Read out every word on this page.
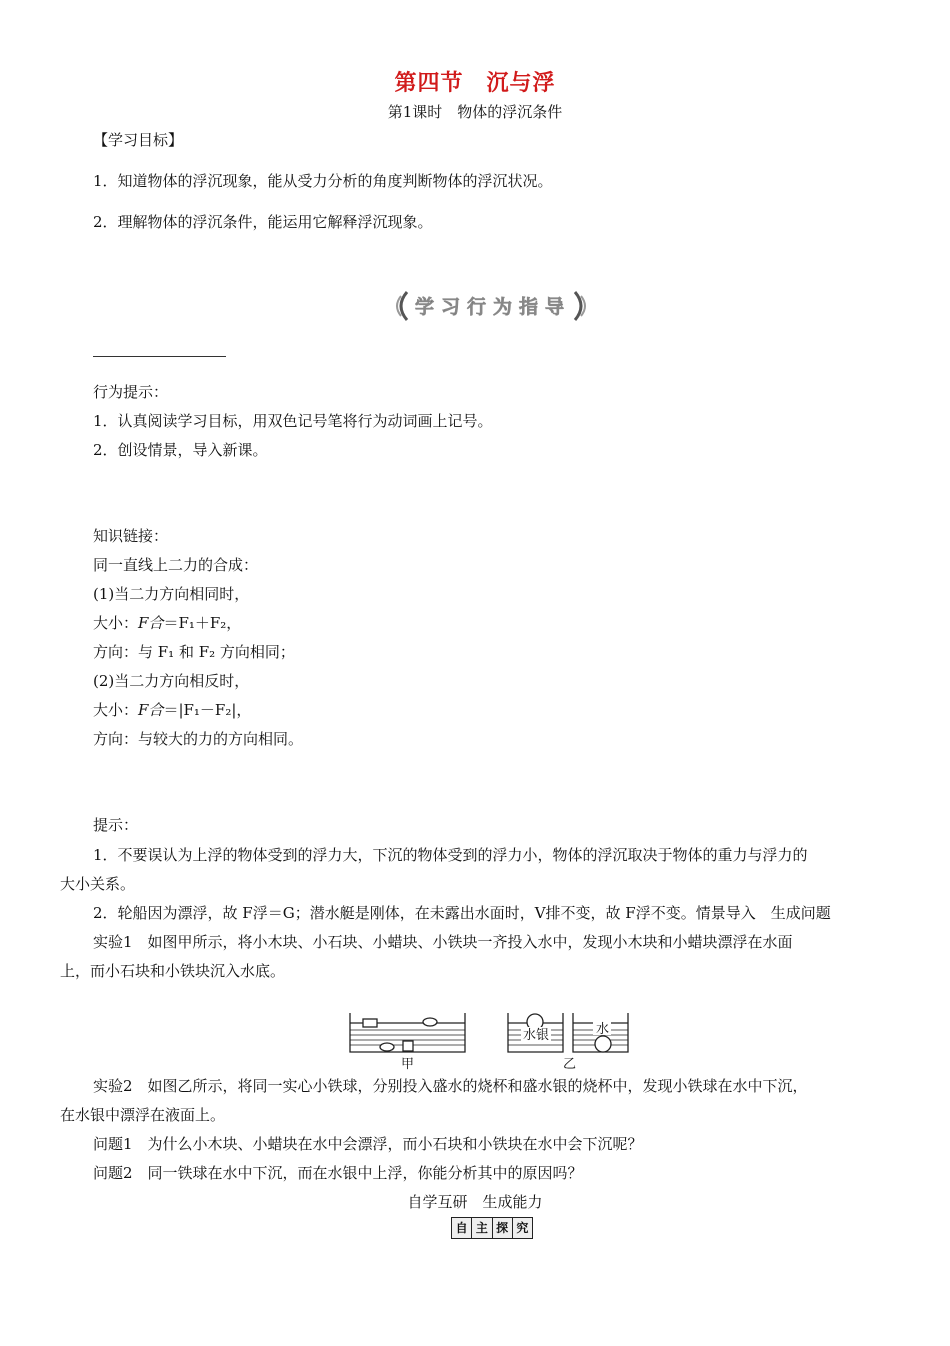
第四节　沉与浮
第1课时　物体的浮沉条件
【学习目标】
1．知道物体的浮沉现象，能从受力分析的角度判断物体的浮沉状况。
2．理解物体的浮沉条件，能运用它解释浮沉现象。
学 习 行 为 指 导
行为提示：
1．认真阅读学习目标，用双色记号笔将行为动词画上记号。
2．创设情景，导入新课。
知识链接：
同一直线上二力的合成：
(1)当二力方向相同时，
大小：F合＝F₁＋F₂，
方向：与 F₁ 和 F₂ 方向相同；
(2)当二力方向相反时，
大小：F合＝|F₁－F₂|，
方向：与较大的力的方向相同。
提示：
1．不要误认为上浮的物体受到的浮力大，下沉的物体受到的浮力小，物体的浮沉取决于物体的重力与浮力的
大小关系。
2．轮船因为漂浮，故 F浮＝G；潜水艇是刚体，在未露出水面时，V排不变，故 F浮不变。情景导入　生成问题
实验1　如图甲所示，将小木块、小石块、小蜡块、小铁块一齐投入水中，发现小木块和小蜡块漂浮在水面
上，而小石块和小铁块沉入水底。
水银	水
甲	乙
实验2　如图乙所示，将同一实心小铁球，分别投入盛水的烧杯和盛水银的烧杯中，发现小铁球在水中下沉，
在水银中漂浮在液面上。
问题1　为什么小木块、小蜡块在水中会漂浮，而小石块和小铁块在水中会下沉呢？
问题2　同一铁球在水中下沉，而在水银中上浮，你能分析其中的原因吗？
自学互研　生成能力
自 主 探 究
